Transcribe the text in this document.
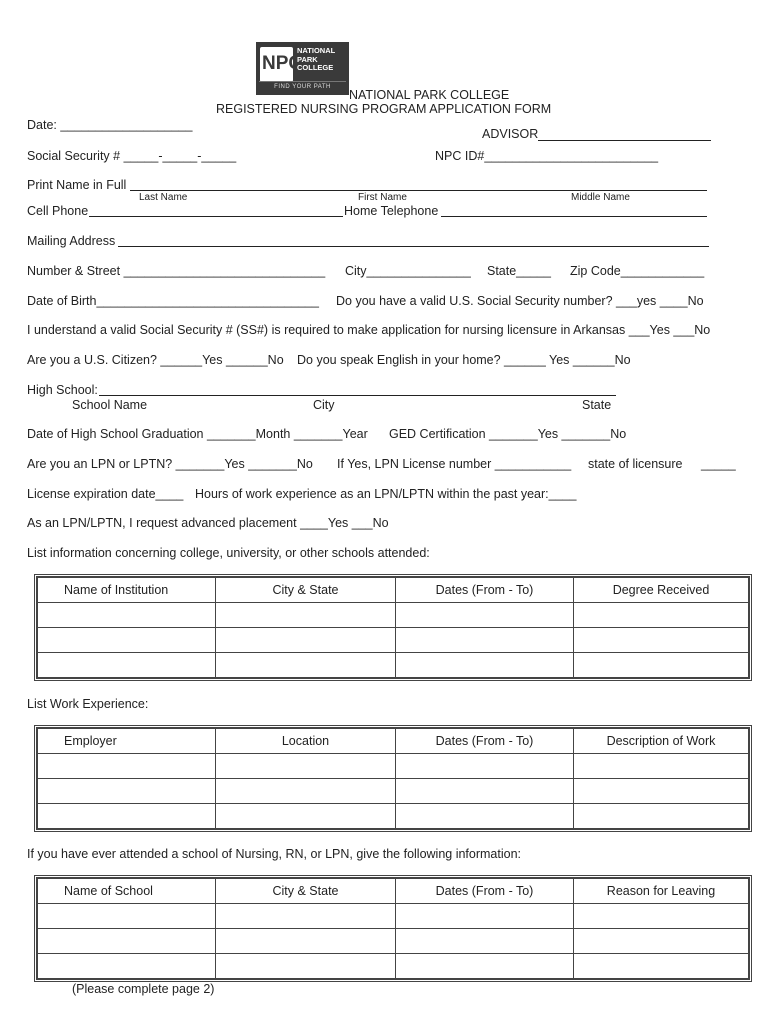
NPC
NATIONAL
PARK
COLLEGE
FIND YOUR PATH
NATIONAL PARK COLLEGE
REGISTERED NURSING PROGRAM APPLICATION FORM
Date: ___________________
ADVISOR
Social Security # _____-_____-_____	NPC ID#_________________________
Print Name in Full
Last Name	First Name	Middle Name
Cell Phone	Home Telephone
Mailing Address
Number & Street _____________________________ City_______________ State_____ Zip Code____________
Date of Birth________________________________ Do you have a valid U.S. Social Security number? ___yes ____No
I understand a valid Social Security # (SS#) is required to make application for nursing licensure in Arkansas ___Yes ___No
Are you a U.S. Citizen? ______Yes ______No Do you speak English in your home? ______ Yes ______No
High School:
School Name	City	State
Date of High School Graduation _______Month _______Year GED Certification _______Yes _______No
Are you an LPN or LPTN? _______Yes _______No If Yes, LPN License number ___________ state of licensure _____
License expiration date____ Hours of work experience as an LPN/LPTN within the past year:____
As an LPN/LPTN, I request advanced placement ____Yes ___No
List information concerning college, university, or other schools attended:
Name of Institution	City & State	Dates (From - To)	Degree Received

List Work Experience:
Employer	Location	Dates (From - To)	Description of Work

If you have ever attended a school of Nursing, RN, or LPN, give the following information:
Name of School	City & State	Dates (From - To)	Reason for Leaving

(Please complete page 2)
